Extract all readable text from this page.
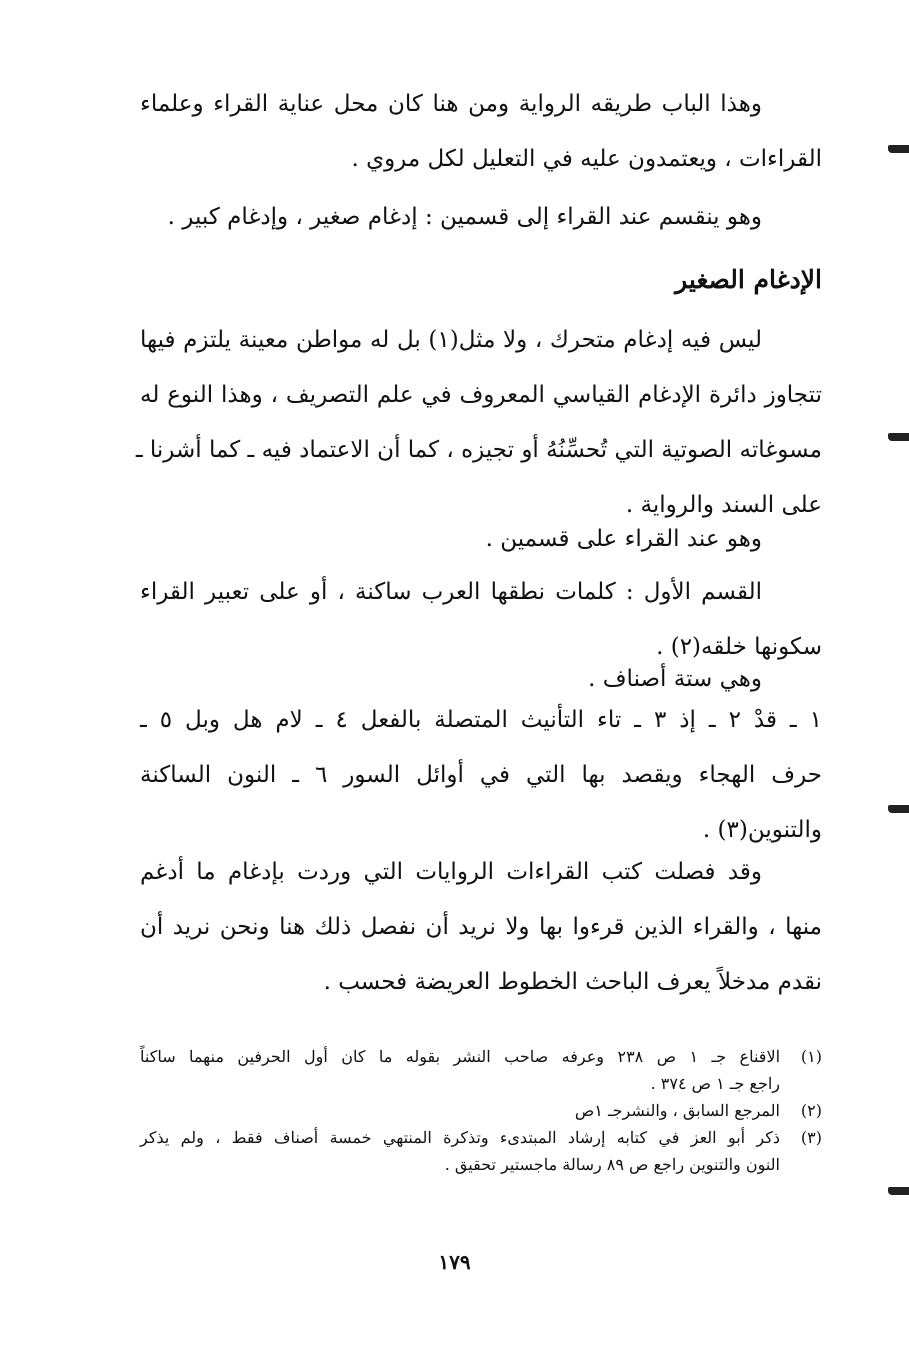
وهذا الباب طريقه الرواية ومن هنا كان محل عناية القراء وعلماء
القراءات ، ويعتمدون عليه في التعليل لكل مروي .
وهو ينقسم عند القراء إلى قسمين : إدغام صغير ، وإدغام كبير .
الإدغام الصغير
ليس فيه إدغام متحرك ، ولا مثل(١) بل له مواطن معينة يلتزم فيها
تتجاوز دائرة الإدغام القياسي المعروف في علم التصريف ، وهذا النوع له
مسوغاته الصوتية التي تُحسِّنُهُ أو تجيزه ، كما أن الاعتماد فيه ـ كما أشرنا ـ
على السند والرواية .
وهو عند القراء على قسمين .
القسم الأول : كلمات نطقها العرب ساكنة ، أو على تعبير القراء
سكونها خلقه(٢) .
وهي ستة أصناف .
١ ـ قدْ ٢ ـ إذ ٣ ـ تاء التأنيث المتصلة بالفعل ٤ ـ لام هل وبل ٥ ـ
حرف الهجاء ويقصد بها التي في أوائل السور ٦ ـ النون الساكنة
والتنوين(٣) .
وقد فصلت كتب القراءات الروايات التي وردت بإدغام ما أدغم
منها ، والقراء الذين قرءوا بها ولا نريد أن نفصل ذلك هنا ونحن نريد أن
نقدم مدخلاً يعرف الباحث الخطوط العريضة فحسب .
(١)
الاقناع جـ ١ ص ٢٣٨ وعرفه صاحب النشر بقوله ما كان أول الحرفين منهما ساكناً
راجع جـ ١ ص ٣٧٤ .
(٢)
المرجع السابق ، والنشرجـ ١ص
(٣)
ذكر أبو العز في كتابه إرشاد المبتدىء وتذكرة المنتهي خمسة أصناف فقط ، ولم يذكر
النون والتنوين راجع ص ٨٩ رسالة ماجستير تحقيق .
١٧٩
